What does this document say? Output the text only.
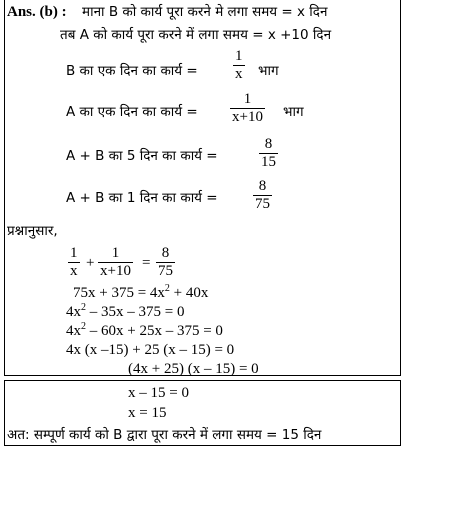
Ans. (b) : माना B को कार्य पूरा करने मे लगा समय = x दिन
तब A को कार्य पूरा करने में लगा समय = x +10 दिन
B का एक दिन का कार्य =
1
x भाग
A का एक दिन का कार्य =
1
x+10 भाग
A + B का 5 दिन का कार्य =
8
15
A + B का 1 दिन का कार्य =
8
75
प्रश्नानुसार,
1
x +
1
x+10 =
8
75
$75x + 375 = 4x^2 + 40x$
$4x^2 - 35x - 375 = 0$
$4x^2 - 60x + 25x - 375 = 0$
4x (x –15) + 25 (x – 15) = 0
(4x + 25) (x – 15) = 0
x – 15 = 0
x = 15
अत: सम्पूर्ण कार्य को B द्वारा पूरा करने में लगा समय = 15 दिन
